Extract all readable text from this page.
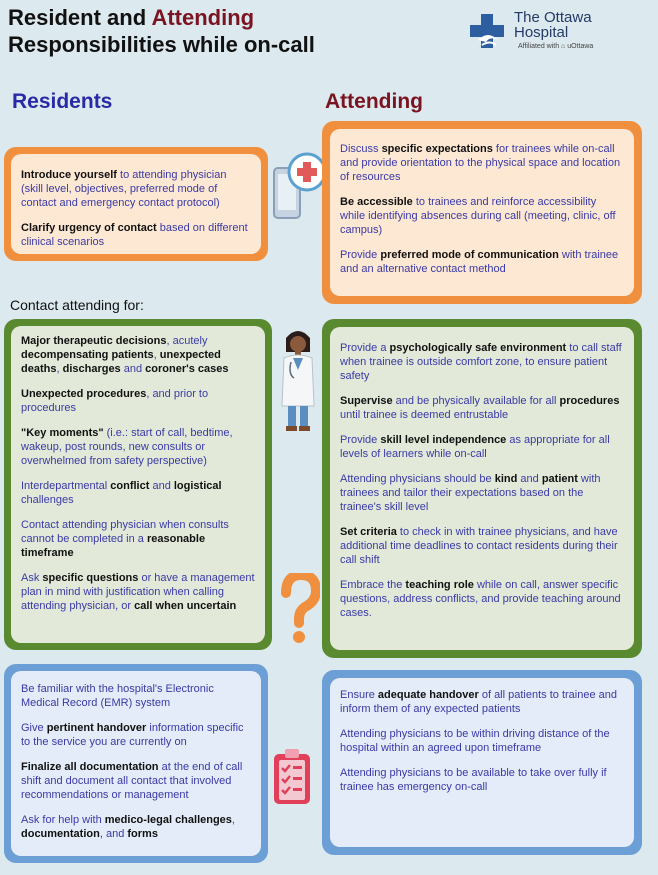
Resident and Attending
Responsibilities while on-call
The Ottawa
Hospital
Affiliated with ⌂ uOttawa
Residents	Attending

Introduce yourself to attending physician (skill level, objectives, preferred mode of contact and emergency contact protocol)

Clarify urgency of contact based on different clinical scenarios

Discuss specific expectations for trainees while on-call and provide orientation to the physical space and location of resources

Be accessible to trainees and reinforce accessibility while identifying absences during call (meeting, clinic, off campus)

Provide preferred mode of communication with trainee and an alternative contact method

Contact attending for:

Major therapeutic decisions, acutely decompensating patients, unexpected deaths, discharges and coroner's cases

Unexpected procedures, and prior to procedures

"Key moments" (i.e.: start of call, bedtime, wakeup, post rounds, new consults or overwhelmed from safety perspective)

Interdepartmental conflict and logistical challenges

Contact attending physician when consults cannot be completed in a reasonable timeframe

Ask specific questions or have a management plan in mind with justification when calling attending physician, or call when uncertain

Provide a psychologically safe environment to call staff when trainee is outside comfort zone, to ensure patient safety

Supervise and be physically available for all procedures until trainee is deemed entrustable

Provide skill level independence as appropriate for all levels of learners while on-call

Attending physicians should be kind and patient with trainees and tailor their expectations based on the trainee's skill level

Set criteria to check in with trainee physicians, and have additional time deadlines to contact residents during their call shift

Embrace the teaching role while on call, answer specific questions, address conflicts, and provide teaching around cases.

Be familiar with the hospital's Electronic Medical Record (EMR) system

Give pertinent handover information specific to the service you are currently on

Finalize all documentation at the end of call shift and document all contact that involved recommendations or management

Ask for help with medico-legal challenges, documentation, and forms

Ensure adequate handover of all patients to trainee and inform them of any expected patients

Attending physicians to be within driving distance of the hospital within an agreed upon timeframe

Attending physicians to be available to take over fully if trainee has emergency on-call
